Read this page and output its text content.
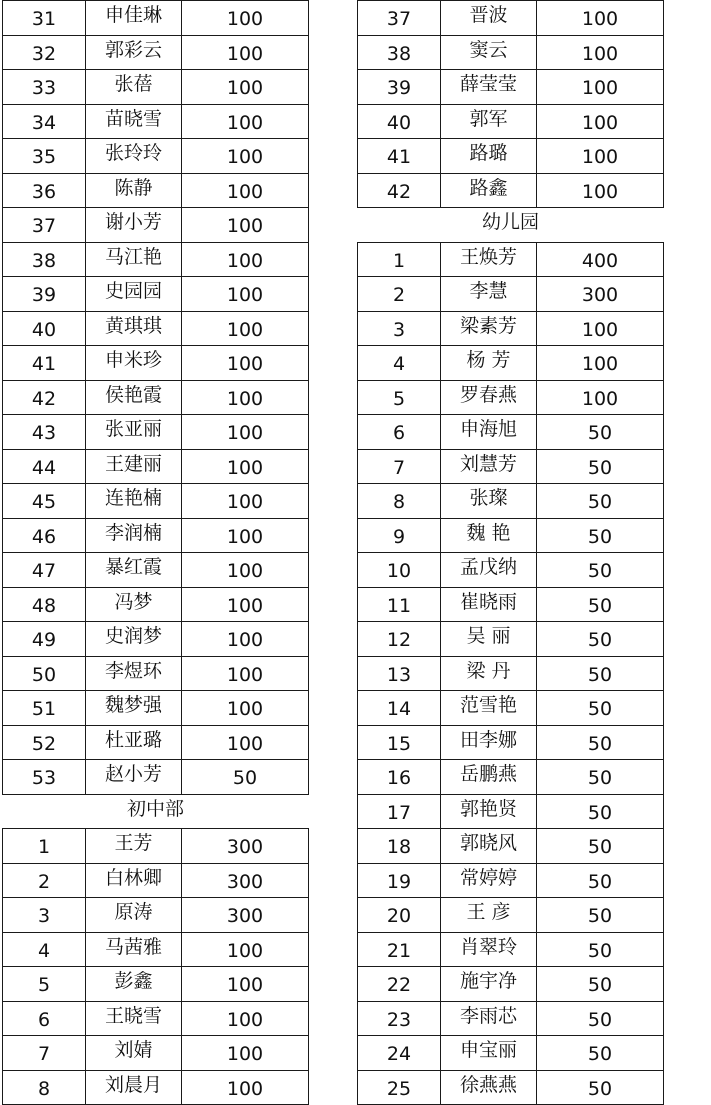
31	申佳琳	100
32	郭彩云	100
33	张蓓	100
34	苗晓雪	100
35	张玲玲	100
36	陈静	100
37	谢小芳	100
38	马江艳	100
39	史园园	100
40	黄琪琪	100
41	申米珍	100
42	侯艳霞	100
43	张亚丽	100
44	王建丽	100
45	连艳楠	100
46	李润楠	100
47	暴红霞	100
48	冯梦	100
49	史润梦	100
50	李煜环	100
51	魏梦强	100
52	杜亚璐	100
53	赵小芳	50
初中部		
1	王芳	300
2	白林卿	300
3	原涛	300
4	马茜雅	100
5	彭鑫	100
6	王晓雪	100
7	刘婧	100
8	刘晨月	100
37	晋波	100
38	窦云	100
39	薛莹莹	100
40	郭军	100
41	路璐	100
42	路鑫	100
幼儿园		
1	王焕芳	400
2	李慧	300
3	梁素芳	100
4	杨 芳	100
5	罗春燕	100
6	申海旭	50
7	刘慧芳	50
8	张璨	50
9	魏 艳	50
10	孟戊纳	50
11	崔晓雨	50
12	吴 丽	50
13	梁 丹	50
14	范雪艳	50
15	田李娜	50
16	岳鹏燕	50
17	郭艳贤	50
18	郭晓风	50
19	常婷婷	50
20	王 彦	50
21	肖翠玲	50
22	施宇净	50
23	李雨芯	50
24	申宝丽	50
25	徐燕燕	50
